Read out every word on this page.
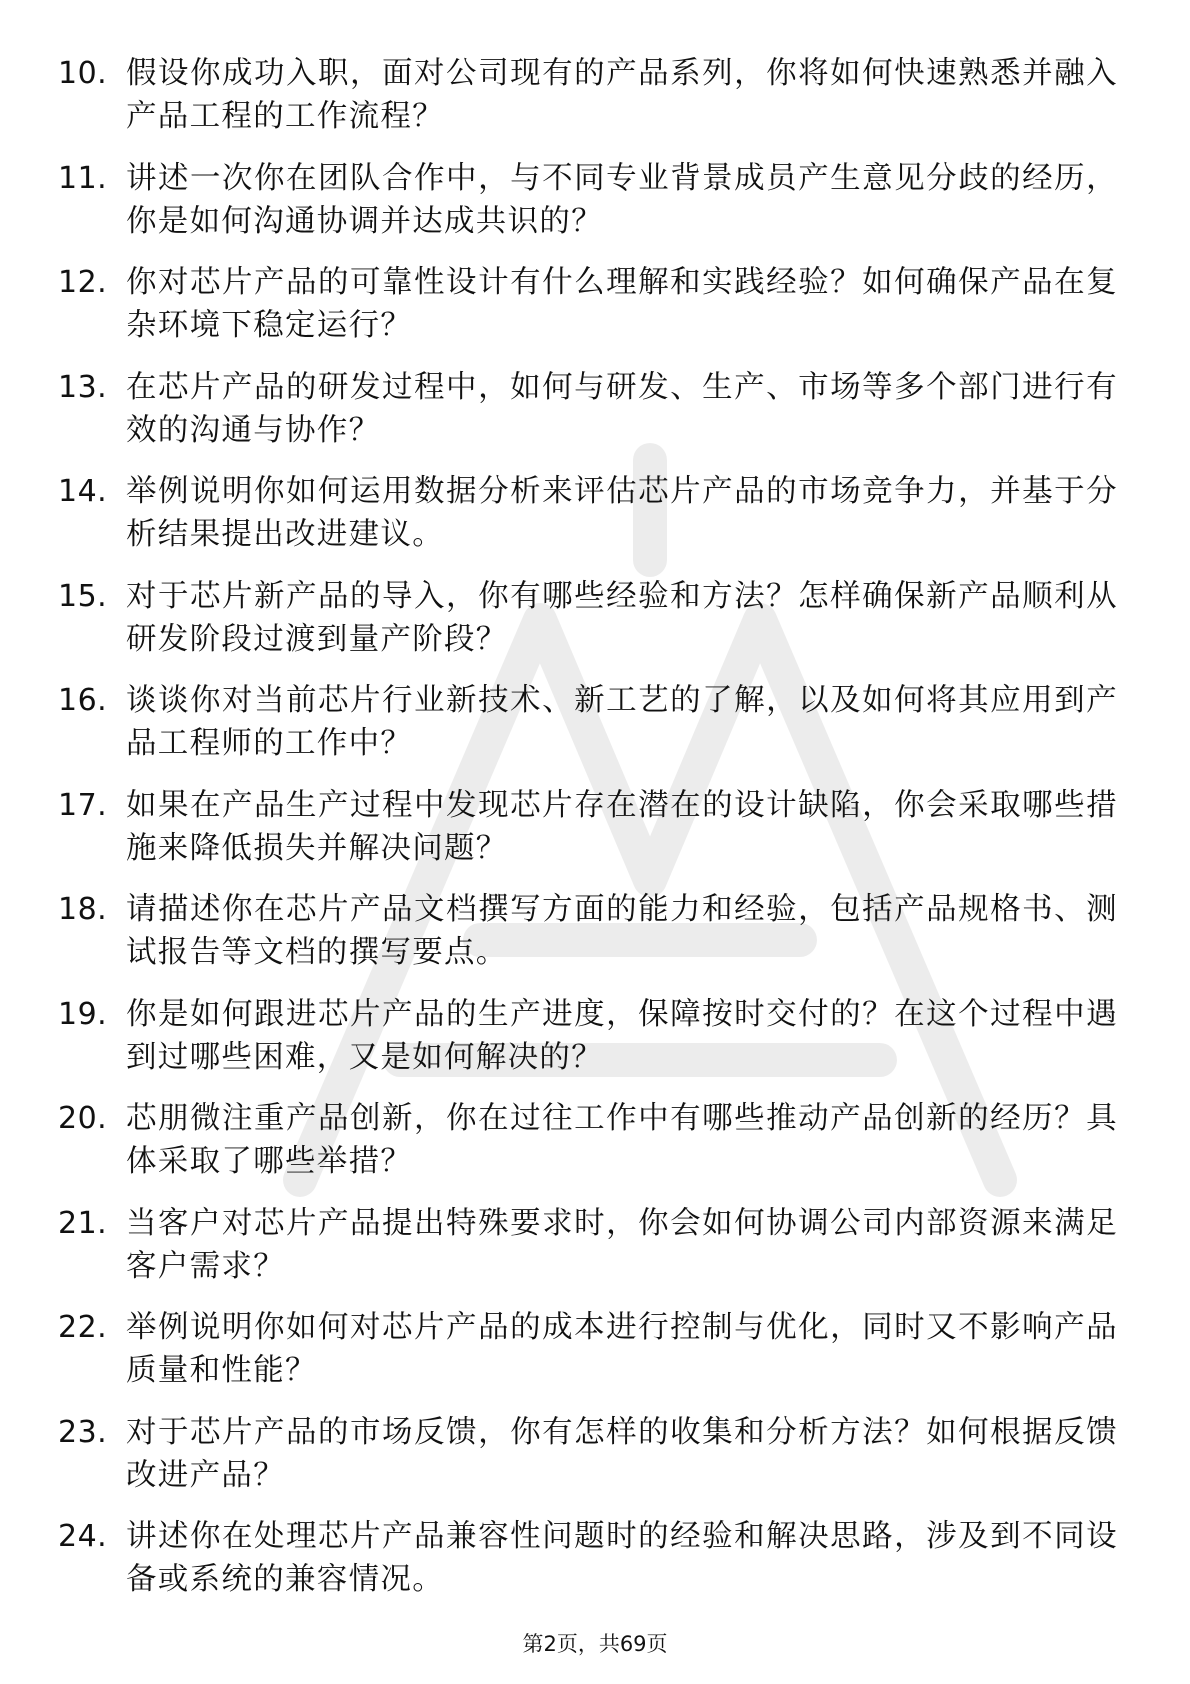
10. 假设你成功入职，面对公司现有的产品系列，你将如何快速熟悉并融入产品工程的工作流程？
11. 讲述一次你在团队合作中，与不同专业背景成员产生意见分歧的经历，你是如何沟通协调并达成共识的？
12. 你对芯片产品的可靠性设计有什么理解和实践经验？如何确保产品在复杂环境下稳定运行？
13. 在芯片产品的研发过程中，如何与研发、生产、市场等多个部门进行有效的沟通与协作？
14. 举例说明你如何运用数据分析来评估芯片产品的市场竞争力，并基于分析结果提出改进建议。
15. 对于芯片新产品的导入，你有哪些经验和方法？怎样确保新产品顺利从研发阶段过渡到量产阶段？
16. 谈谈你对当前芯片行业新技术、新工艺的了解，以及如何将其应用到产品工程师的工作中？
17. 如果在产品生产过程中发现芯片存在潜在的设计缺陷，你会采取哪些措施来降低损失并解决问题？
18. 请描述你在芯片产品文档撰写方面的能力和经验，包括产品规格书、测试报告等文档的撰写要点。
19. 你是如何跟进芯片产品的生产进度，保障按时交付的？在这个过程中遇到过哪些困难，又是如何解决的？
20. 芯朋微注重产品创新，你在过往工作中有哪些推动产品创新的经历？具体采取了哪些举措？
21. 当客户对芯片产品提出特殊要求时，你会如何协调公司内部资源来满足客户需求？
22. 举例说明你如何对芯片产品的成本进行控制与优化，同时又不影响产品质量和性能？
23. 对于芯片产品的市场反馈，你有怎样的收集和分析方法？如何根据反馈改进产品？
24. 讲述你在处理芯片产品兼容性问题时的经验和解决思路，涉及到不同设备或系统的兼容情况。
第2页，共69页
